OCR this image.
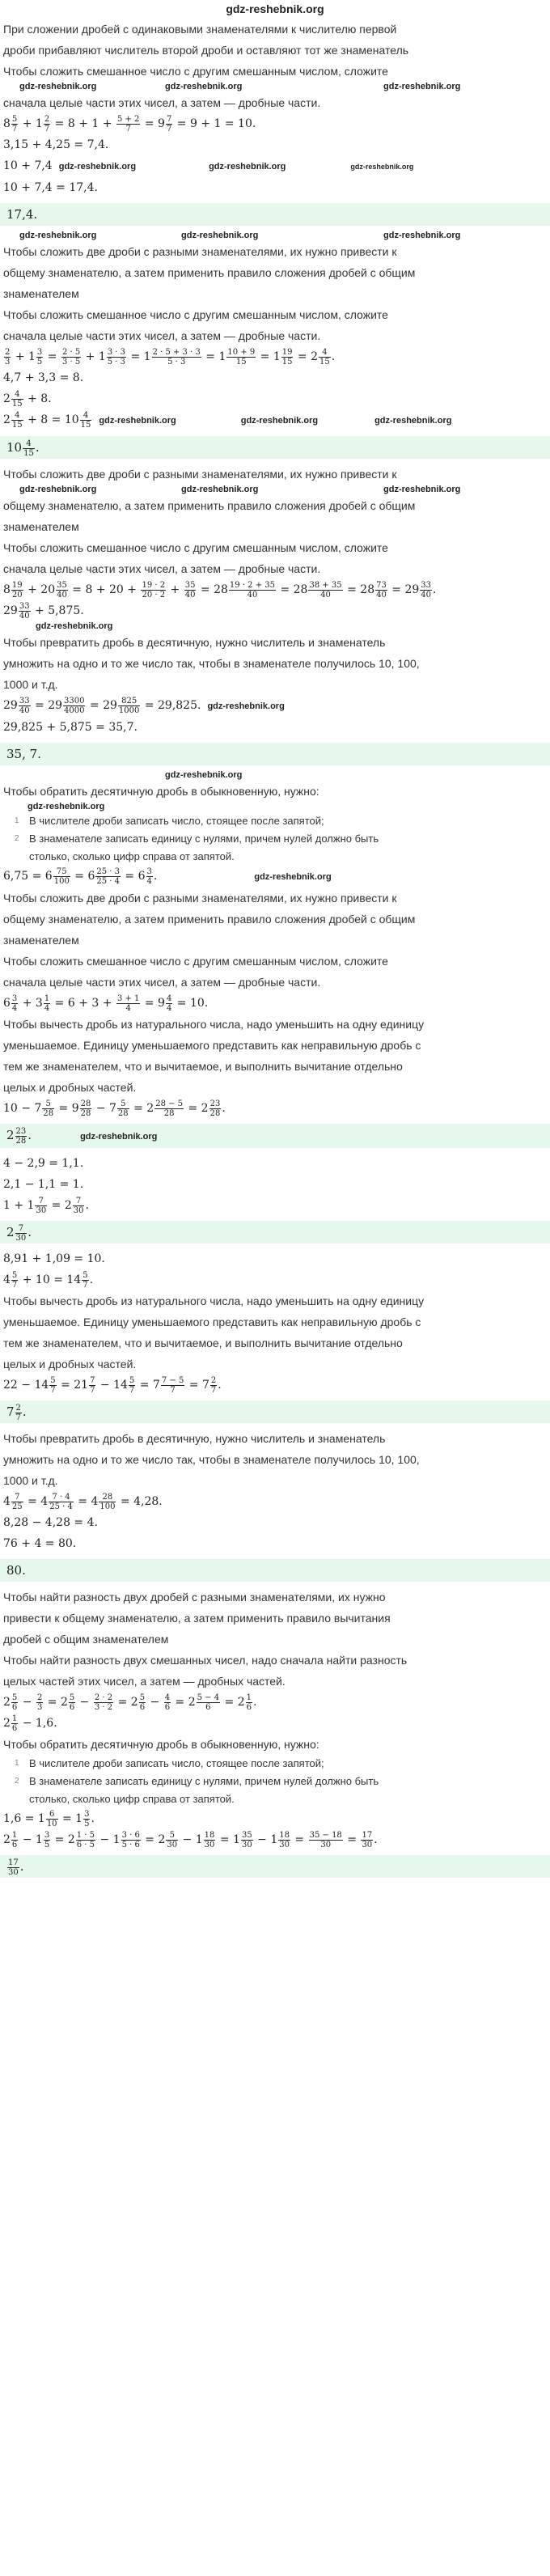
gdz-reshebnik.org

При сложении дробей с одинаковыми знаменателями к числителю первой

дроби прибавляют числитель второй дроби и оставляют тот же знаменатель

Чтобы сложить смешанное число с другим смешанным числом, сложите

gdz-reshebnik.org	gdz-reshebnik.org	gdz-reshebnik.org

сначала целые части этих чисел, а затем — дробные части.

$8 \frac{5}{7} + 1 \frac{2}{7} = 8 + 1 + \frac{5 + 2}{7} = 9 \frac{7}{7} = 9 + 1 = 10$.

3,15 + 4,25 = 7,4.

10 + 7,4 gdz-reshebnik.org	gdz-reshebnik.org	gdz-reshebnik.org

10 + 7,4 = 17,4.

17,4.
gdz-reshebnik.org	gdz-reshebnik.org	gdz-reshebnik.org

Чтобы сложить две дроби с разными знаменателями, их нужно привести к

общему знаменателю, а затем применить правило сложения дробей с общим

знаменателем

Чтобы сложить смешанное число с другим смешанным числом, сложите

сначала целые части этих чисел, а затем — дробные части.

$\frac{2}{3} + 1 \frac{3}{5} = \frac{2 \cdot 5}{3 \cdot 5} + 1 \frac{3 \cdot 3}{5 \cdot 3} = 1 \frac{2 \cdot 5 + 3 \cdot 3}{5 \cdot 3} = 1 \frac{10 + 9}{15} = 1 \frac{19}{15} = 2 \frac{4}{15}$ .

4,7 + 3,3 = 8.

$2 \frac{4}{15} + 8$.

$2 \frac{4}{15} + 8 = 10 \frac{4}{15}$ gdz-reshebnik.org	gdz-reshebnik.org	gdz-reshebnik.org

$10 \frac{4}{15}$ .

Чтобы сложить две дроби с разными знаменателями, их нужно привести к

gdz-reshebnik.org	gdz-reshebnik.org	gdz-reshebnik.org

общему знаменателю, а затем применить правило сложения дробей с общим

знаменателем

Чтобы сложить смешанное число с другим смешанным числом, сложите

сначала целые части этих чисел, а затем — дробные части.

$8 \frac{19}{20} + 20 \frac{35}{40} = 8 + 20 + \frac{19 \cdot 2}{20 \cdot 2} + \frac{35}{40} = 28 \frac{19 \cdot 2 + 35}{40} = 28 \frac{38 + 35}{40} = 28 \frac{73}{40} = 29 \frac{33}{40}$ .

$29 \frac{33}{40} + 5,875$.

gdz-reshebnik.org

Чтобы превратить дробь в десятичную, нужно числитель и знаменатель

умножить на одно и то же число так, чтобы в знаменателе получилось 10, 100,

1000 и т.д.

$29 \frac{33}{40} = 29 \frac{3300}{4000} = 29 \frac{825}{1000} = 29,825$. gdz-reshebnik.org

29,825 + 5,875 = 35,7.

35, 7.
gdz-reshebnik.org

Чтобы обратить десятичную дробь в обыкновенную, нужно:

gdz-reshebnik.org
1 В числителе дроби записать число, стоящее после запятой;
2 В знаменателе записать единицу с нулями, причем нулей должно быть
столько, сколько цифр справа от запятой.

$6,75 = 6 \frac{75}{100} = 6 \frac{25 \cdot 3}{25 \cdot 4} = 6 \frac{3}{4}$ .	gdz-reshebnik.org

Чтобы сложить две дроби с разными знаменателями, их нужно привести к

общему знаменателю, а затем применить правило сложения дробей с общим

знаменателем

Чтобы сложить смешанное число с другим смешанным числом, сложите

сначала целые части этих чисел, а затем — дробные части.

$6 \frac{3}{4} + 3 \frac{1}{4} = 6 + 3 + \frac{3 + 1}{4} = 9 \frac{4}{4} = 10$.

Чтобы вычесть дробь из натурального числа, надо уменьшить на одну единицу

уменьшаемое. Единицу уменьшаемого представить как неправильную дробь с

тем же знаменателем, что и вычитаемое, и выполнить вычитание отдельно

целых и дробных частей.

$10 - 7 \frac{5}{28} = 9 \frac{28}{28} - 7 \frac{5}{28} = 2 \frac{28 - 5}{28} = 2 \frac{23}{28}$ .

$2 \frac{23}{28}$ .	gdz-reshebnik.org

4 − 2,9 = 1,1.

2,1 − 1,1 = 1.

$1 + 1 \frac{7}{30} = 2 \frac{7}{30}$ .

$2 \frac{7}{30}$ .

8,91 + 1,09 = 10.

$4 \frac{5}{7} + 10 = 14 \frac{5}{7}$ .

Чтобы вычесть дробь из натурального числа, надо уменьшить на одну единицу

уменьшаемое. Единицу уменьшаемого представить как неправильную дробь с

тем же знаменателем, что и вычитаемое, и выполнить вычитание отдельно

целых и дробных частей.

$22 - 14 \frac{5}{7} = 21 \frac{7}{7} - 14 \frac{5}{7} = 7 \frac{7 - 5}{7} = 7 \frac{2}{7}$ .

$7 \frac{2}{7}$ .

Чтобы превратить дробь в десятичную, нужно числитель и знаменатель

умножить на одно и то же число так, чтобы в знаменателе получилось 10, 100,

1000 и т.д.

$4 \frac{7}{25} = 4 \frac{7 \cdot 4}{25 \cdot 4} = 4 \frac{28}{100} = 4,28$.

8,28 − 4,28 = 4.

76 + 4 = 80.

80.

Чтобы найти разность двух дробей с разными знаменателями, их нужно

привести к общему знаменателю, а затем применить правило вычитания

дробей с общим знаменателем

Чтобы найти разность двух смешанных чисел, надо сначала найти разность

целых частей этих чисел, а затем — дробных частей.

$2 \frac{5}{6} - \frac{2}{3} = 2 \frac{5}{6} - \frac{2 \cdot 2}{3 \cdot 2} = 2 \frac{5}{6} - \frac{4}{6} = 2 \frac{5 - 4}{6} = 2 \frac{1}{6}$ .

$2 \frac{1}{6} - 1,6$.

Чтобы обратить десятичную дробь в обыкновенную, нужно:

1 В числителе дроби записать число, стоящее после запятой;
2 В знаменателе записать единицу с нулями, причем нулей должно быть
столько, сколько цифр справа от запятой.

$1,6 = 1 \frac{6}{10} = 1 \frac{3}{5}$ .

$2 \frac{1}{6} - 1 \frac{3}{5} = 2 \frac{1 \cdot 5}{6 \cdot 5} - 1 \frac{3 \cdot 6}{5 \cdot 6} = 2 \frac{5}{30} - 1 \frac{18}{30} = 1 \frac{35}{30} - 1 \frac{18}{30} = \frac{35 - 18}{30} = \frac{17}{30}$ .

$\frac{17}{30}$ .
